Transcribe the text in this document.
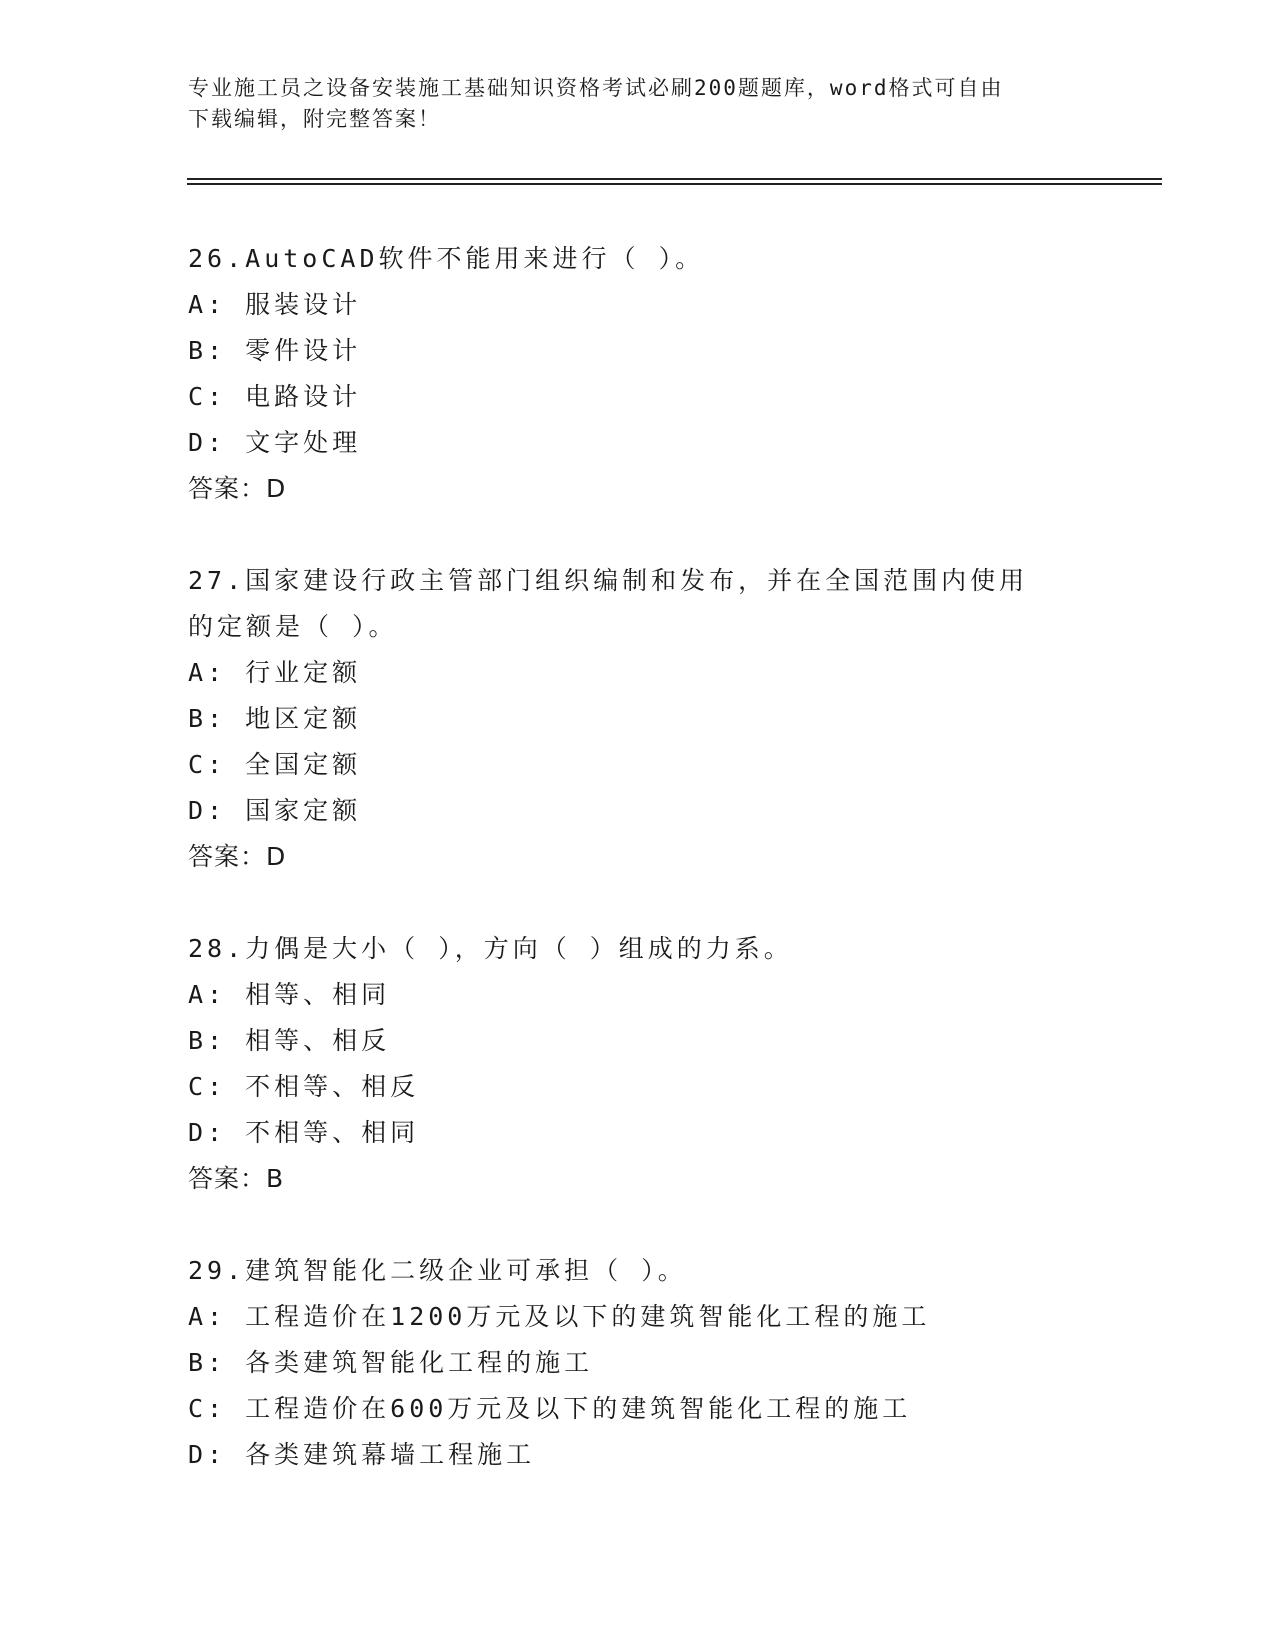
专业施工员之设备安装施工基础知识资格考试必刷200题题库，word格式可自由
下载编辑，附完整答案！
26.AutoCAD软件不能用来进行（ ）。
A: 服装设计
B: 零件设计
C: 电路设计
D: 文字处理
答案：D
27.国家建设行政主管部门组织编制和发布，并在全国范围内使用的定额是（ ）。
A: 行业定额
B: 地区定额
C: 全国定额
D: 国家定额
答案：D
28.力偶是大小（ ），方向（ ）组成的力系。
A: 相等、相同
B: 相等、相反
C: 不相等、相反
D: 不相等、相同
答案：B
29.建筑智能化二级企业可承担（ ）。
A: 工程造价在1200万元及以下的建筑智能化工程的施工
B: 各类建筑智能化工程的施工
C: 工程造价在600万元及以下的建筑智能化工程的施工
D: 各类建筑幕墙工程施工
